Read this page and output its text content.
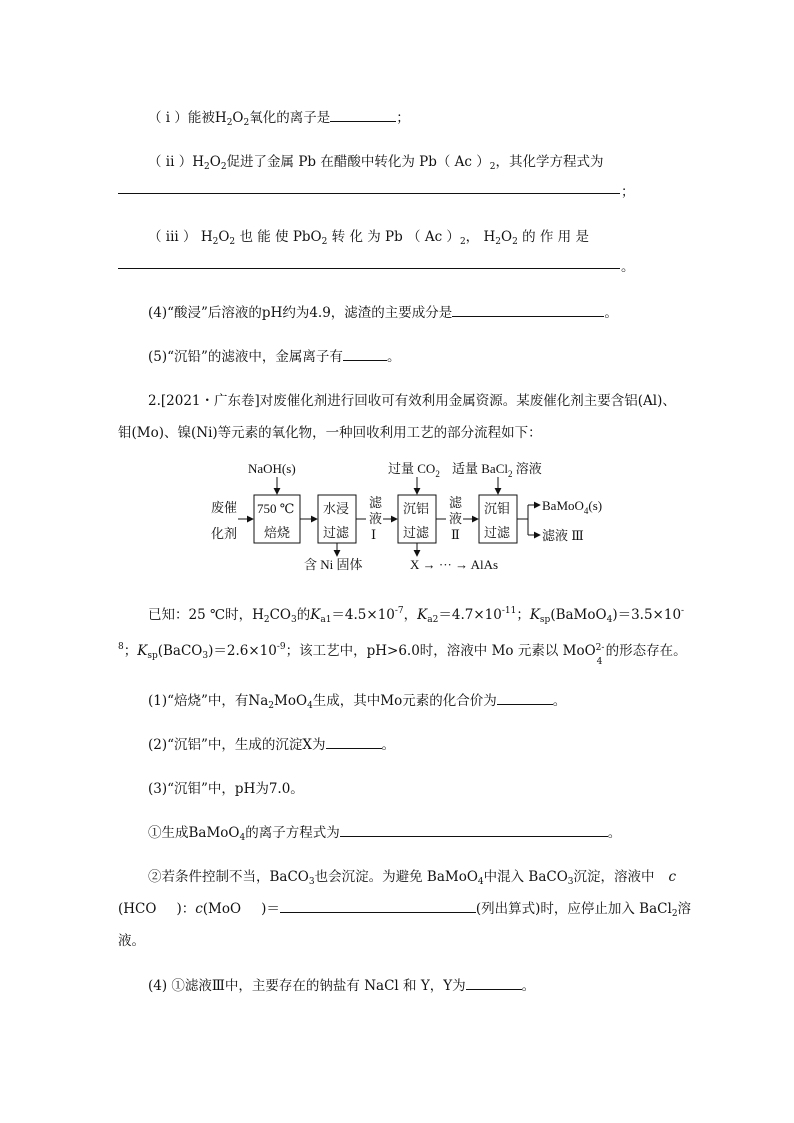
（ i ）能被$H_2O_2$氧化的离子是	；
（ ii ）$H_2O_2$促进了金属 Pb 在醋酸中转化为 Pb（ Ac ）$_2$，其化学方程式为
；
（ iii ） $H_2O_2$ 也 能 使 PbO$_2$ 转 化 为 Pb （ Ac ）$_2$， $H_2O_2$ 的 作 用 是
。
(4)“酸浸”后溶液的pH约为4.9，滤渣的主要成分是	。
(5)“沉铅”的滤液中，金属离子有	。
2.[2021・广东卷]对废催化剂进行回收可有效利用金属资源。某废催化剂主要含铝(Al)、
钼(Mo)、镍(Ni)等元素的氧化物，一种回收利用工艺的部分流程如下：
NaOH(s)	过量 $CO_2$ 适量 BaCl$_2$ 溶液
废催
化剂
750 ℃
焙烧
水浸
过滤
滤
液
Ⅰ
沉铝
过滤
滤
液
Ⅱ
沉钼
过滤
BaMoO$_4$(s)
滤液 Ⅲ
含 Ni 固体	X → ··· → AlAs
已知：25 ℃时，$H_2CO_3$的$K_{a1}=4.5\times 10^{-7}$，$K_{a2}=4.7\times 10^{-11}$；$K_{sp}(BaMoO_4)=3.5\times 10^-$
$^8$；$K_{sp}(BaCO_3)=2.6\times 10^{-9}$；该工艺中，pH>6.0时，溶液中 Mo 元素以 MoO 2-
4
的形态存在。
(1)“焙烧”中，有$Na_2MoO_4$生成，其中Mo元素的化合价为	。
(2)“沉铝”中，生成的沉淀X为	。
(3)“沉钼”中，pH为7.0。
①生成BaMoO$_4$的离子方程式为	。
②若条件控制不当，BaCO$_3$也会沉淀。为避免 BaMoO$_4$中混入 BaCO$_3$沉淀，溶液中 c
(HCO )：c(MoO )＝	(列出算式)时，应停止加入 BaCl$_2$溶
液。
(4) ①滤液Ⅲ中，主要存在的钠盐有 NaCl 和 Y，Y为	。
